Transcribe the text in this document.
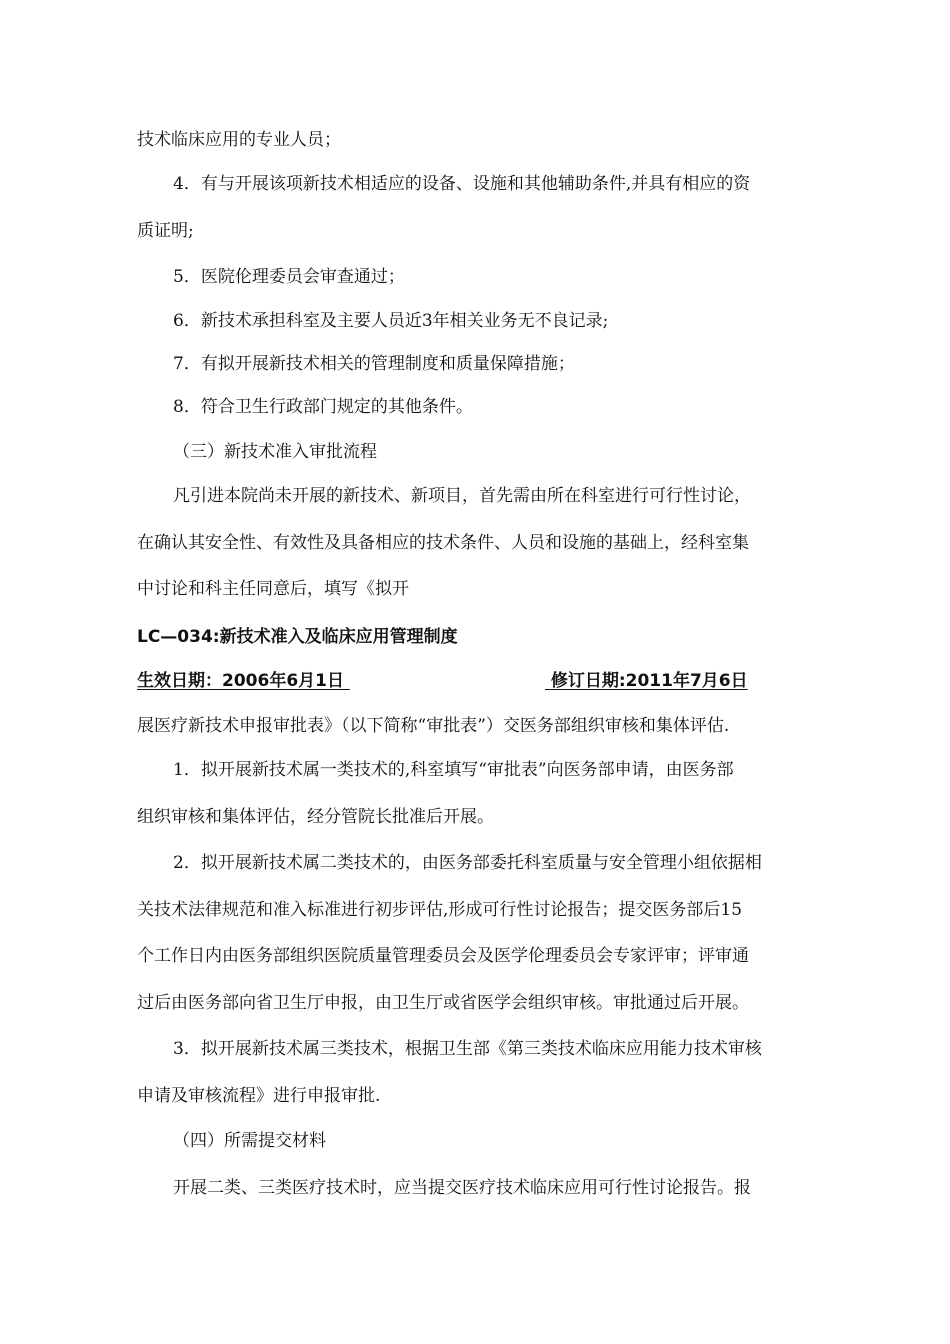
技术临床应用的专业人员；
4．有与开展该项新技术相适应的设备、设施和其他辅助条件,并具有相应的资
质证明;
5．医院伦理委员会审查通过；
6．新技术承担科室及主要人员近3年相关业务无不良记录;
7．有拟开展新技术相关的管理制度和质量保障措施；
8．符合卫生行政部门规定的其他条件。
（三）新技术准入审批流程
凡引进本院尚未开展的新技术、新项目，首先需由所在科室进行可行性讨论，
在确认其安全性、有效性及具备相应的技术条件、人员和设施的基础上，经科室集
中讨论和科主任同意后，填写《拟开
LC—034:新技术准入及临床应用管理制度
生效日期：2006年6月1日	修订日期:2011年7月6日
展医疗新技术申报审批表》（以下简称“审批表”）交医务部组织审核和集体评估.
1．拟开展新技术属一类技术的,科室填写“审批表”向医务部申请，由医务部
组织审核和集体评估，经分管院长批准后开展。
2．拟开展新技术属二类技术的，由医务部委托科室质量与安全管理小组依据相
关技术法律规范和准入标准进行初步评估,形成可行性讨论报告；提交医务部后15
个工作日内由医务部组织医院质量管理委员会及医学伦理委员会专家评审；评审通
过后由医务部向省卫生厅申报，由卫生厅或省医学会组织审核。审批通过后开展。
3．拟开展新技术属三类技术，根据卫生部《第三类技术临床应用能力技术审核
申请及审核流程》进行申报审批.
（四）所需提交材料
开展二类、三类医疗技术时，应当提交医疗技术临床应用可行性讨论报告。报
